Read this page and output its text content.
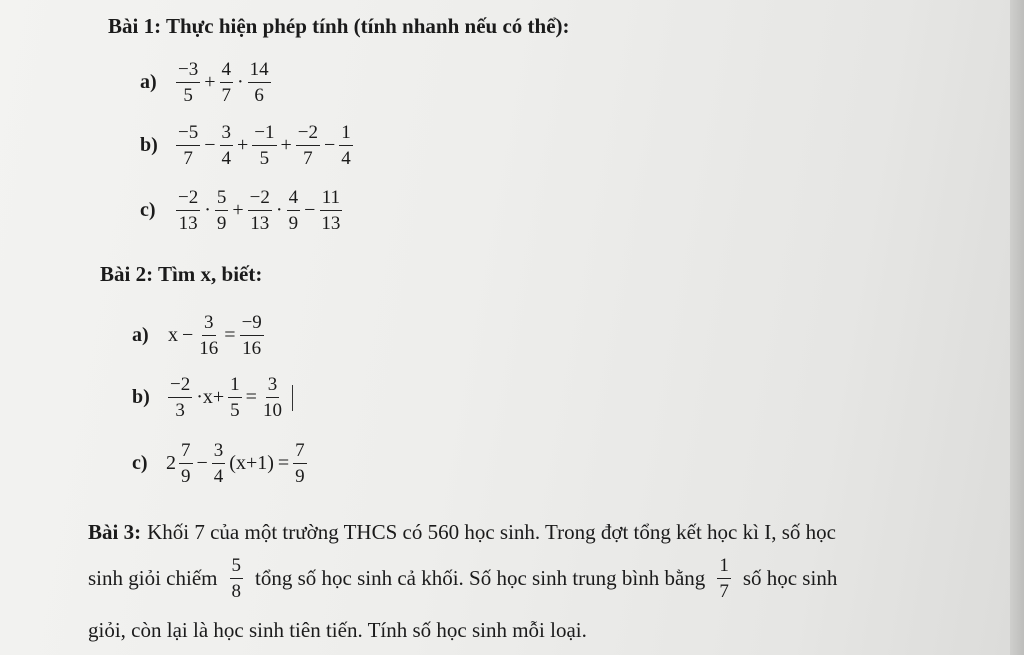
Bài 1: Thực hiện phép tính (tính nhanh nếu có thể):
a)	$\frac{-3}{5} + \frac{4}{7} \cdot \frac{14}{6}$
$b) \frac{-5}{7} - \frac{3}{4} + \frac{-1}{5} + \frac{-2}{7} - \frac{1}{4}$
c)	$\frac{-2}{13} \cdot \frac{5}{9} + \frac{-2}{13} \cdot \frac{4}{9} - \frac{11}{13}$
Bài 2: Tìm x, biết:
a) $x - \frac{3}{16} = \frac{-9}{16}$
$b) \frac{-2}{3} \cdot x+ \frac{1}{5} = \frac{3}{10}$
c) $2 \frac{7}{9} - \frac{3}{4} (x+1) = \frac{7}{9}$
Bài 3: Khối 7 của một trường THCS có 560 học sinh. Trong đợt tổng kết học kì I, số học
sinh giỏi chiếm $\frac{5}{8}$ tổng số học sinh cả khối. Số học sinh trung bình bằng $\frac{1}{7}$ số học sinh
giỏi, còn lại là học sinh tiên tiến. Tính số học sinh mỗi loại.
